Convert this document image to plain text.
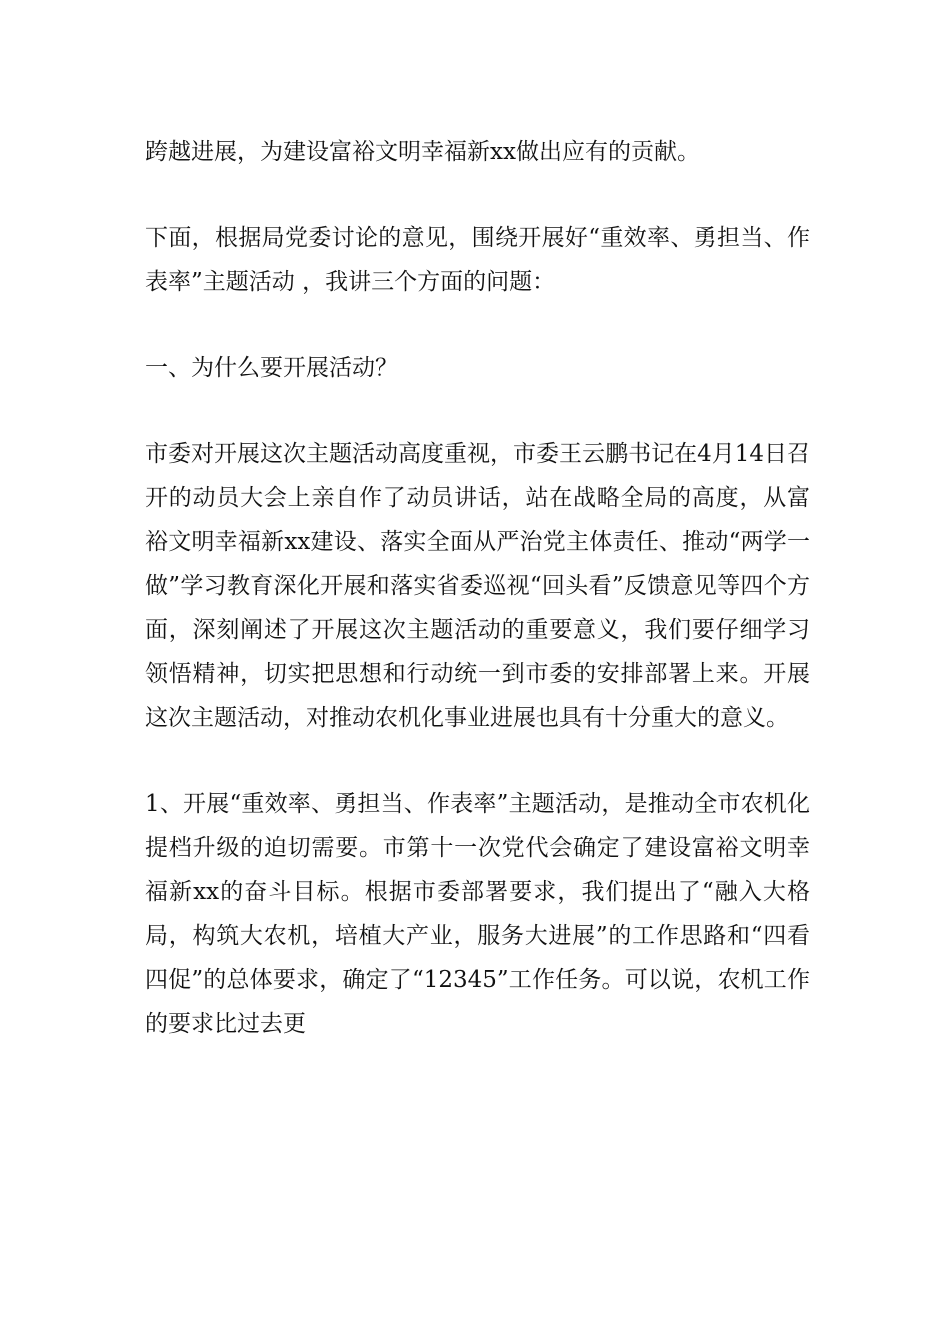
跨越进展，为建设富裕文明幸福新xx做出应有的贡献。

下面，根据局党委讨论的意见，围绕开展好“重效率、勇担当、作表率”主题活动 ，我讲三个方面的问题：

一、为什么要开展活动？

市委对开展这次主题活动高度重视，市委王云鹏书记在4月14日召开的动员大会上亲自作了动员讲话，站在战略全局的高度，从富裕文明幸福新xx建设、落实全面从严治党主体责任、推动“两学一做”学习教育深化开展和落实省委巡视“回头看”反馈意见等四个方面，深刻阐述了开展这次主题活动的重要意义，我们要仔细学习领悟精神，切实把思想和行动统一到市委的安排部署上来。开展这次主题活动，对推动农机化事业进展也具有十分重大的意义。

1、开展“重效率、勇担当、作表率”主题活动，是推动全市农机化提档升级的迫切需要。市第十一次党代会确定了建设富裕文明幸福新xx的奋斗目标。根据市委部署要求，我们提出了“融入大格局，构筑大农机，培植大产业，服务大进展”的工作思路和“四看四促”的总体要求，确定了“12345”工作任务。可以说，农机工作的要求比过去更
